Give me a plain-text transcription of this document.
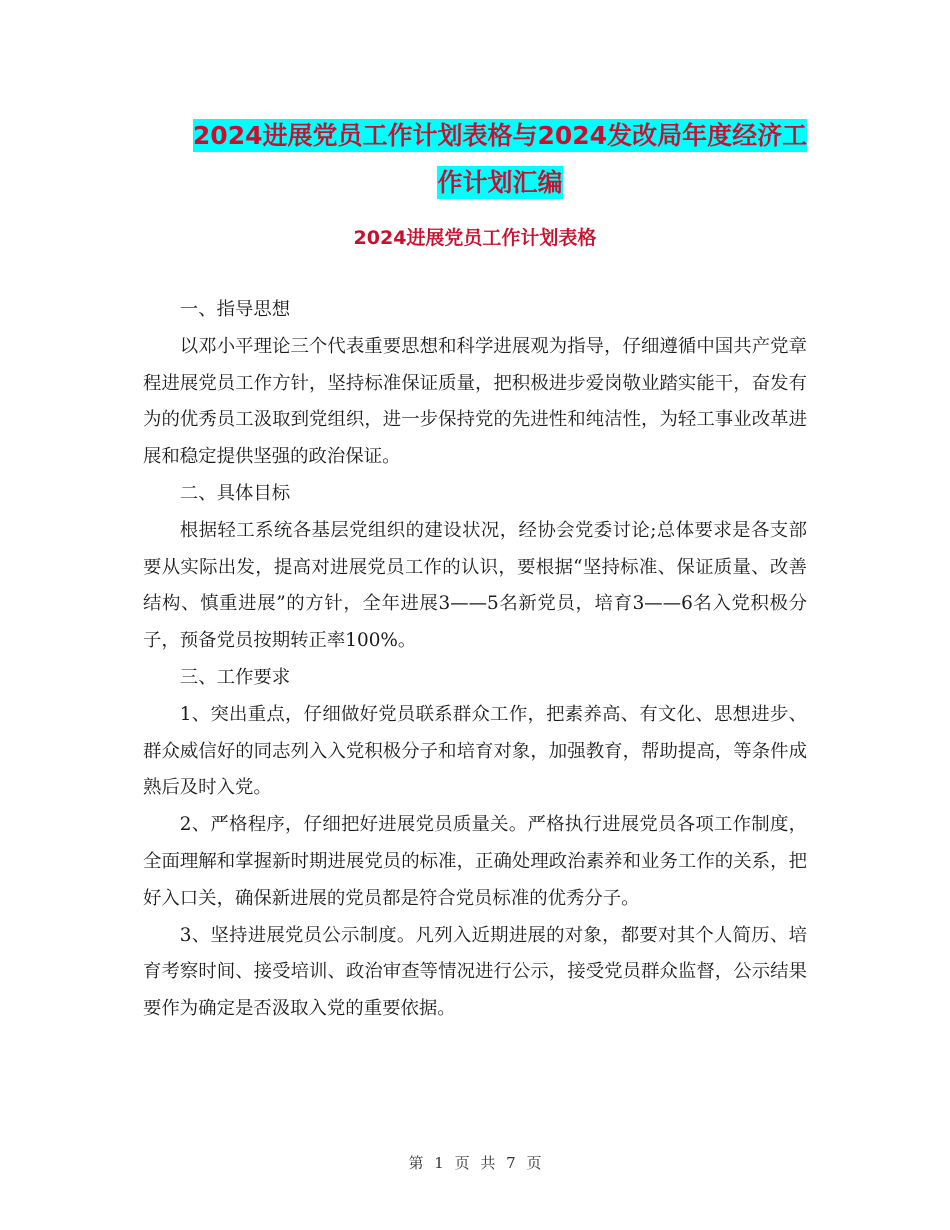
2024进展党员工作计划表格与2024发改局年度经济工
作计划汇编
2024进展党员工作计划表格

一、指导思想

以邓小平理论三个代表重要思想和科学进展观为指导，仔细遵循中国共产党章程进展党员工作方针，坚持标准保证质量，把积极进步爱岗敬业踏实能干，奋发有为的优秀员工汲取到党组织，进一步保持党的先进性和纯洁性，为轻工事业改革进展和稳定提供坚强的政治保证。

二、具体目标

根据轻工系统各基层党组织的建设状况，经协会党委讨论;总体要求是各支部要从实际出发，提高对进展党员工作的认识，要根据“坚持标准、保证质量、改善结构、慎重进展”的方针，全年进展3——5名新党员，培育3——6名入党积极分子，预备党员按期转正率100%。

三、工作要求

1、突出重点，仔细做好党员联系群众工作，把素养高、有文化、思想进步、群众威信好的同志列入入党积极分子和培育对象，加强教育，帮助提高，等条件成熟后及时入党。

2、严格程序，仔细把好进展党员质量关。严格执行进展党员各项工作制度，全面理解和掌握新时期进展党员的标准，正确处理政治素养和业务工作的关系，把好入口关，确保新进展的党员都是符合党员标准的优秀分子。

3、坚持进展党员公示制度。凡列入近期进展的对象，都要对其个人简历、培育考察时间、接受培训、政治审查等情况进行公示，接受党员群众监督，公示结果要作为确定是否汲取入党的重要依据。

第 1 页 共 7 页
